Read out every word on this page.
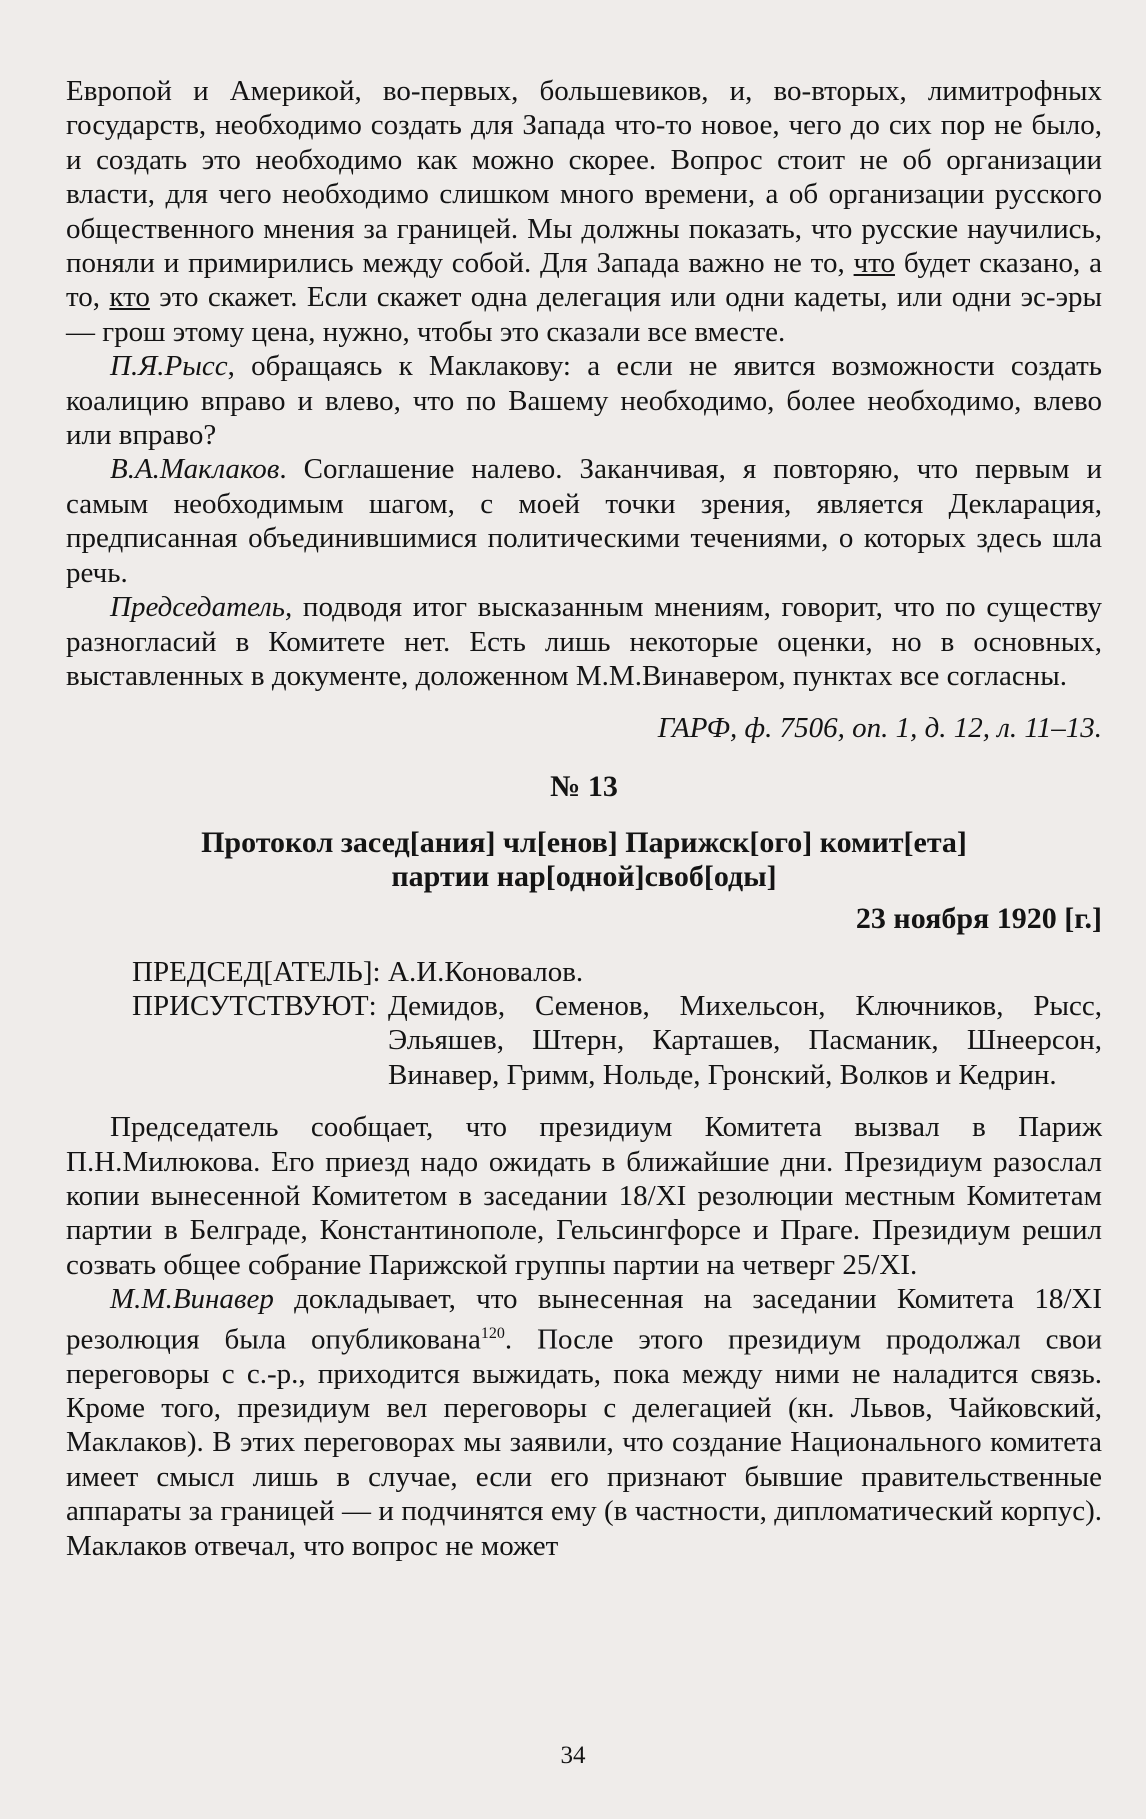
Европой и Америкой, во-первых, большевиков, и, во-вторых, лимитрофных государств, необходимо создать для Запада что-то новое, чего до сих пор не было, и создать это необходимо как можно скорее. Вопрос стоит не об организации власти, для чего необходимо слишком много времени, а об организации русского общественного мнения за границей. Мы должны показать, что русские научились, поняли и примирились между собой. Для Запада важно не то, что будет сказано, а то, кто это скажет. Если скажет одна делегация или одни кадеты, или одни эс-эры — грош этому цена, нужно, чтобы это сказали все вместе.

П.Я.Рысс, обращаясь к Маклакову: а если не явится возможности создать коалицию вправо и влево, что по Вашему необходимо, более необходимо, влево или вправо?

В.А.Маклаков. Соглашение налево. Заканчивая, я повторяю, что первым и самым необходимым шагом, с моей точки зрения, является Декларация, предписанная объединившимися политическими течениями, о которых здесь шла речь.

Председатель, подводя итог высказанным мнениям, говорит, что по существу разногласий в Комитете нет. Есть лишь некоторые оценки, но в основных, выставленных в документе, доложенном М.М.Винавером, пунктах все согласны.

ГАРФ, ф. 7506, оп. 1, д. 12, л. 11–13.

№ 13
Протокол засед[ания] чл[енов] Парижск[ого] комит[ета]
партии нар[одной]своб[оды]
23 ноября 1920 [г.]
ПРЕДСЕД[АТЕЛЬ]: А.И.Коновалов.
ПРИСУТСТВУЮТ: Демидов, Семенов, Михельсон, Ключников, Рысс, Эльяшев, Штерн, Карташев, Пасманик, Шнеерсон, Винавер, Гримм, Нольде, Гронский, Волков и Кедрин.

Председатель сообщает, что президиум Комитета вызвал в Париж П.Н.Милюкова. Его приезд надо ожидать в ближайшие дни. Президиум разослал копии вынесенной Комитетом в заседании 18/XI резолюции местным Комитетам партии в Белграде, Константинополе, Гельсингфорсе и Праге. Президиум решил созвать общее собрание Парижской группы партии на четверг 25/XI.

М.М.Винавер докладывает, что вынесенная на заседании Комитета 18/XI резолюция была опубликована$^{120}$. После этого президиум продолжал свои переговоры с с.-р., приходится выжидать, пока между ними не наладится связь. Кроме того, президиум вел переговоры с делегацией (кн. Львов, Чайковский, Маклаков). В этих переговорах мы заявили, что создание Национального комитета имеет смысл лишь в случае, если его признают бывшие правительственные аппараты за границей — и подчинятся ему (в частности, дипломатический корпус). Маклаков отвечал, что вопрос не может

34
